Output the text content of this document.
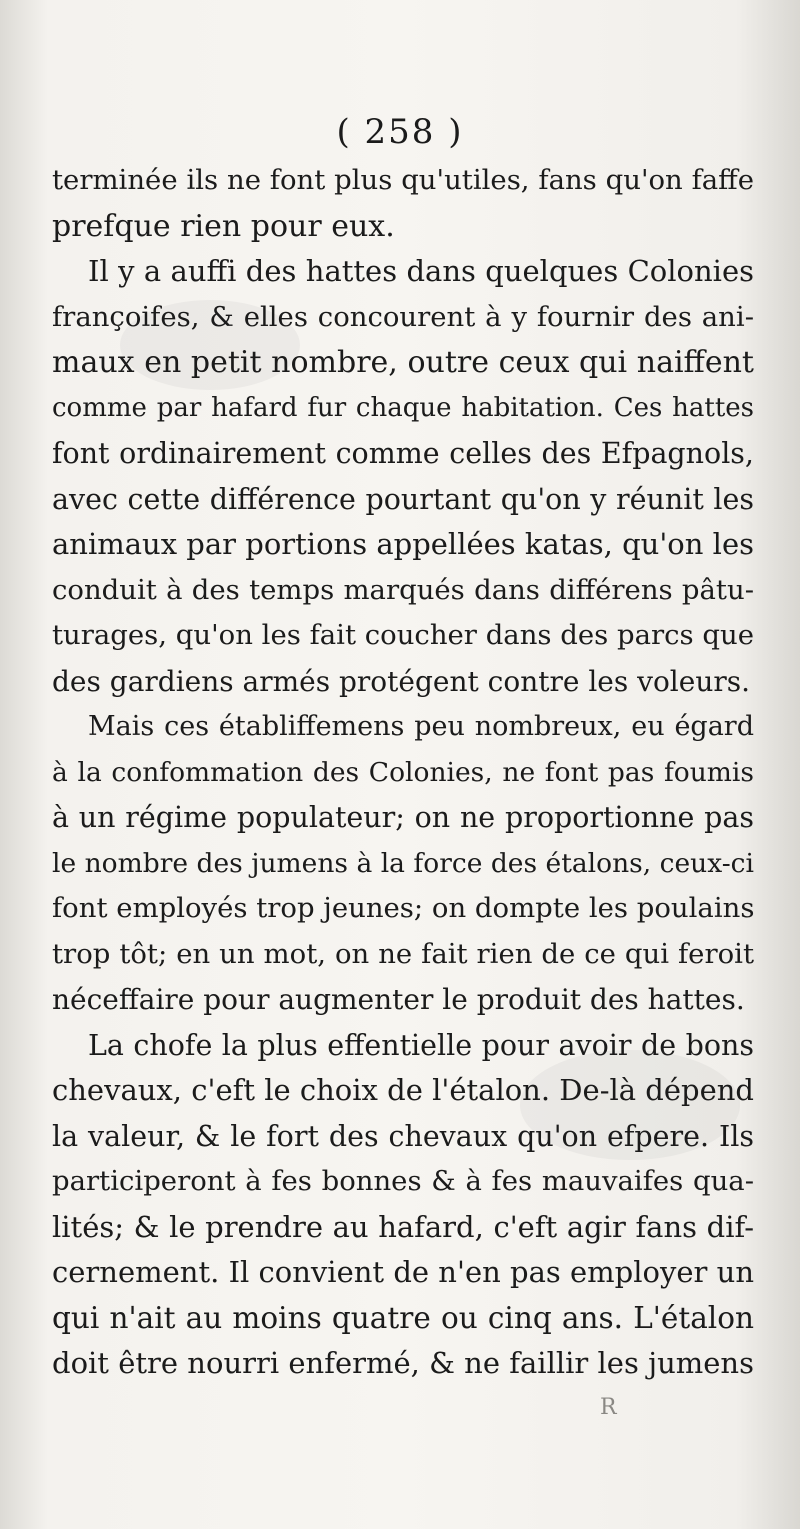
( 258 )
terminée ils ne font plus qu'utiles, fans qu'on faffe
prefque rien pour eux.
Il y a auffi des hattes dans quelques Colonies
françoifes, & elles concourent à y fournir des ani-
maux en petit nombre, outre ceux qui naiffent
comme par hafard fur chaque habitation. Ces hattes
font ordinairement comme celles des Efpagnols,
avec cette différence pourtant qu'on y réunit les
animaux par portions appellées katas, qu'on les
conduit à des temps marqués dans différens pâtu-
turages, qu'on les fait coucher dans des parcs que
des gardiens armés protégent contre les voleurs.
Mais ces établiffemens peu nombreux, eu égard
à la confommation des Colonies, ne font pas foumis
à un régime populateur; on ne proportionne pas
le nombre des jumens à la force des étalons, ceux-ci
font employés trop jeunes; on dompte les poulains
trop tôt; en un mot, on ne fait rien de ce qui feroit
néceffaire pour augmenter le produit des hattes.
La chofe la plus effentielle pour avoir de bons
chevaux, c'eft le choix de l'étalon. De-là dépend
la valeur, & le fort des chevaux qu'on efpere. Ils
participeront à fes bonnes & à fes mauvaifes qua-
lités; & le prendre au hafard, c'eft agir fans dif-
cernement. Il convient de n'en pas employer un
qui n'ait au moins quatre ou cinq ans. L'étalon
doit être nourri enfermé, & ne faillir les jumens
R
